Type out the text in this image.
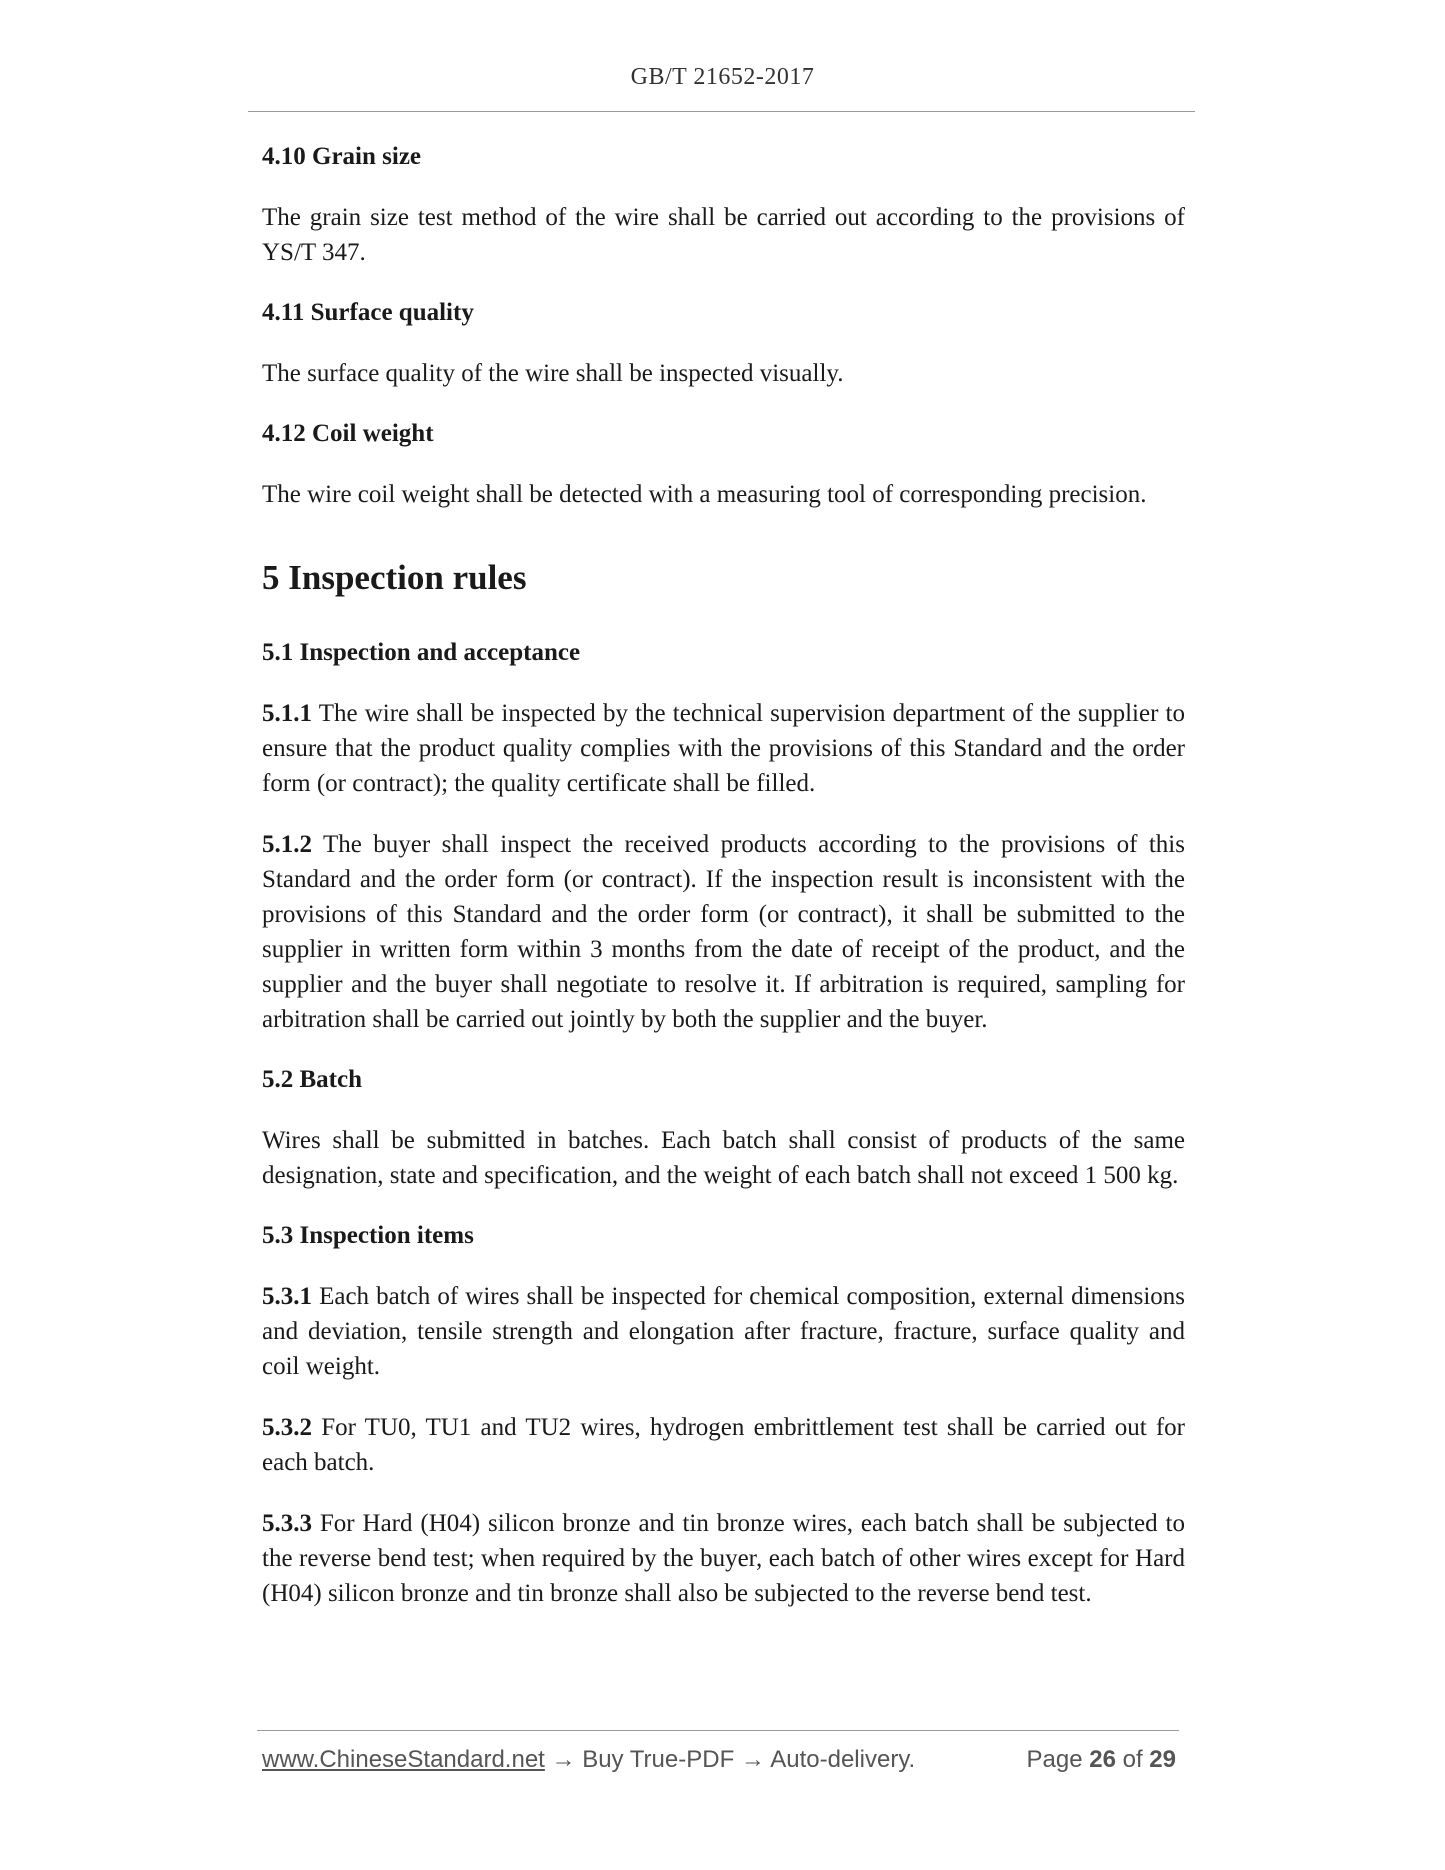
GB/T 21652-2017
4.10 Grain size
The grain size test method of the wire shall be carried out according to the provisions of YS/T 347.
4.11 Surface quality
The surface quality of the wire shall be inspected visually.
4.12 Coil weight
The wire coil weight shall be detected with a measuring tool of corresponding precision.
5 Inspection rules
5.1 Inspection and acceptance
5.1.1 The wire shall be inspected by the technical supervision department of the supplier to ensure that the product quality complies with the provisions of this Standard and the order form (or contract); the quality certificate shall be filled.
5.1.2 The buyer shall inspect the received products according to the provisions of this Standard and the order form (or contract). If the inspection result is inconsistent with the provisions of this Standard and the order form (or contract), it shall be submitted to the supplier in written form within 3 months from the date of receipt of the product, and the supplier and the buyer shall negotiate to resolve it. If arbitration is required, sampling for arbitration shall be carried out jointly by both the supplier and the buyer.
5.2 Batch
Wires shall be submitted in batches. Each batch shall consist of products of the same designation, state and specification, and the weight of each batch shall not exceed 1 500 kg.
5.3 Inspection items
5.3.1 Each batch of wires shall be inspected for chemical composition, external dimensions and deviation, tensile strength and elongation after fracture, fracture, surface quality and coil weight.
5.3.2 For TU0, TU1 and TU2 wires, hydrogen embrittlement test shall be carried out for each batch.
5.3.3 For Hard (H04) silicon bronze and tin bronze wires, each batch shall be subjected to the reverse bend test; when required by the buyer, each batch of other wires except for Hard (H04) silicon bronze and tin bronze shall also be subjected to the reverse bend test.
www.ChineseStandard.net → Buy True-PDF → Auto-delivery.	Page 26 of 29
